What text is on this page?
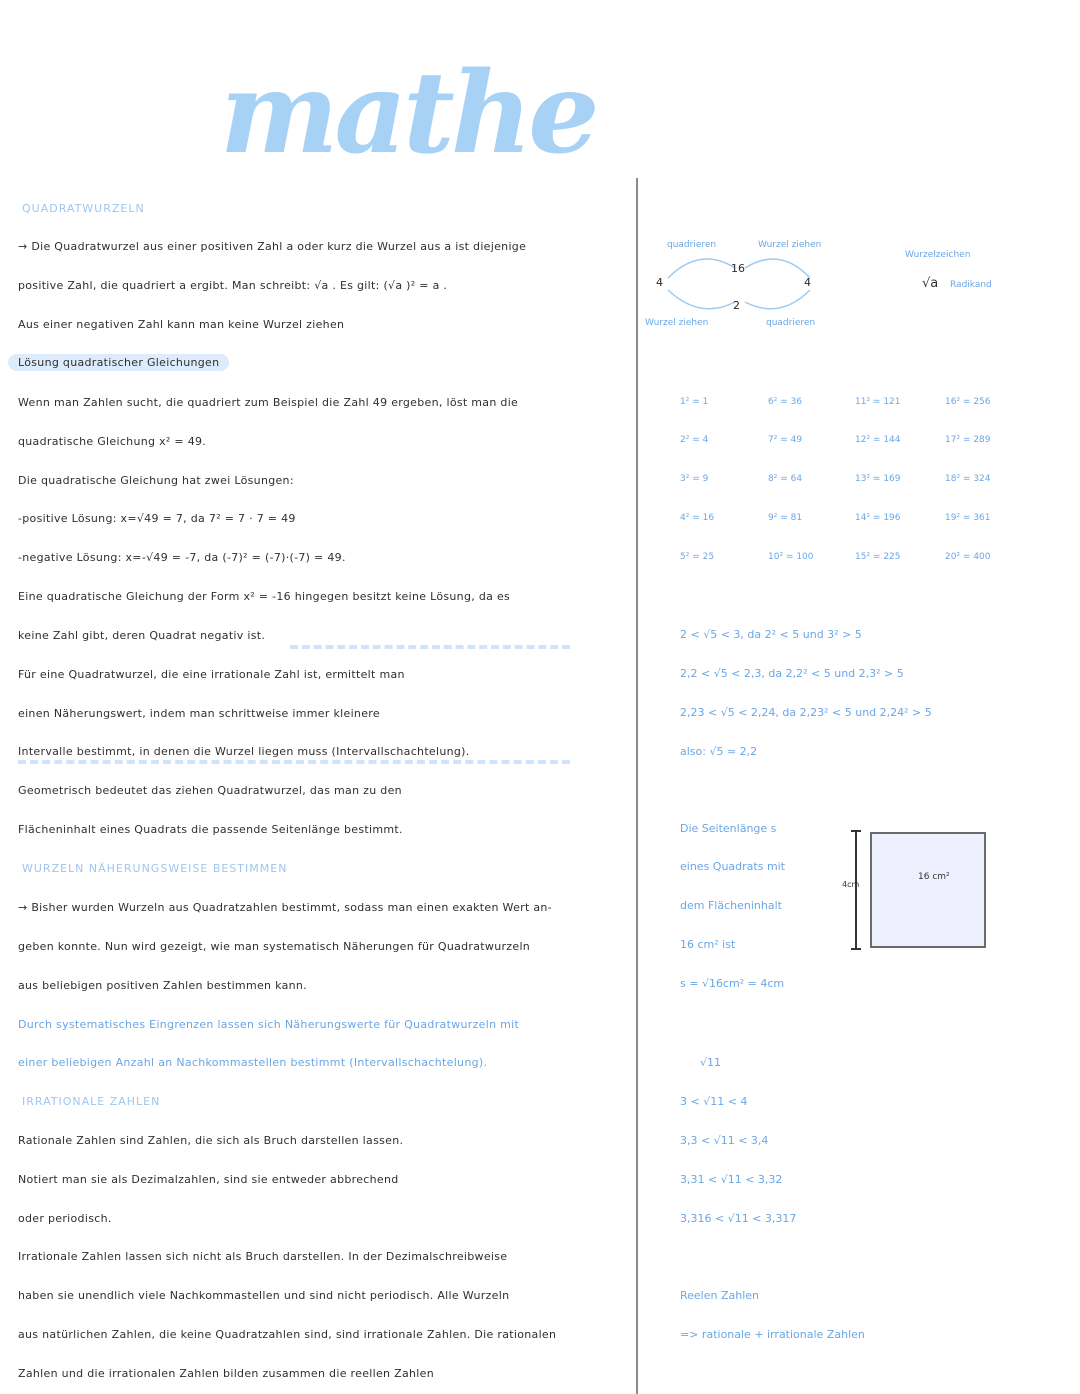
mathe
QUADRATWURZELN
→ Die Quadratwurzel aus einer positiven Zahl a oder kurz die Wurzel aus a ist diejenige
positive Zahl, die quadriert a ergibt. Man schreibt: √a . Es gilt: (√a )² = a .
Aus einer negativen Zahl kann man keine Wurzel ziehen
Lösung quadratischer Gleichungen
Wenn man Zahlen sucht, die quadriert zum Beispiel die Zahl 49 ergeben, löst man die
quadratische Gleichung x² = 49.
Die quadratische Gleichung hat zwei Lösungen:
-positive Lösung: x=√49 = 7, da 7² = 7 · 7 = 49
-negative Lösung: x=-√49 = -7, da (-7)² = (-7)·(-7) = 49.
Eine quadratische Gleichung der Form x² = -16 hingegen besitzt keine Lösung, da es
keine Zahl gibt, deren Quadrat negativ ist.
Für eine Quadratwurzel, die eine irrationale Zahl ist, ermittelt man
einen Näherungswert, indem man schrittweise immer kleinere
Intervalle bestimmt, in denen die Wurzel liegen muss (Intervallschachtelung).
Geometrisch bedeutet das ziehen Quadratwurzel, das man zu den
Flächeninhalt eines Quadrats die passende Seitenlänge bestimmt.
WURZELN NÄHERUNGSWEISE BESTIMMEN
→ Bisher wurden Wurzeln aus Quadratzahlen bestimmt, sodass man einen exakten Wert an-
geben konnte. Nun wird gezeigt, wie man systematisch Näherungen für Quadratwurzeln
aus beliebigen positiven Zahlen bestimmen kann.
Durch systematisches Eingrenzen lassen sich Näherungswerte für Quadratwurzeln mit
einer beliebigen Anzahl an Nachkommastellen bestimmt (Intervallschachtelung).
IRRATIONALE ZAHLEN
Rationale Zahlen sind Zahlen, die sich als Bruch darstellen lassen.
Notiert man sie als Dezimalzahlen, sind sie entweder abbrechend
oder periodisch.
Irrationale Zahlen lassen sich nicht als Bruch darstellen. In der Dezimalschreibweise
haben sie unendlich viele Nachkommastellen und sind nicht periodisch. Alle Wurzeln
aus natürlichen Zahlen, die keine Quadratzahlen sind, sind irrationale Zahlen. Die rationalen
Zahlen und die irrationalen Zahlen bilden zusammen die reellen Zahlen
quadrieren	Wurzel ziehen
4
16
4
2
Wurzel ziehen	quadrieren
Wurzelzeichen
√a Radikand
1² = 1	6² = 36	11² = 121	16² = 256
2² = 4	7² = 49	12² = 144	17² = 289
3² = 9	8² = 64	13² = 169	18² = 324
4² = 16	9² = 81	14² = 196	19² = 361
5² = 25	10² = 100	15² = 225	20² = 400
2 < √5 < 3, da 2² < 5 und 3² > 5
2,2 < √5 < 2,3, da 2,2² < 5 und 2,3² > 5
2,23 < √5 < 2,24, da 2,23² < 5 und 2,24² > 5
also: √5 ≈ 2,2
Die Seitenlänge s
eines Quadrats mit
dem Flächeninhalt
16 cm² ist
s = √16cm² = 4cm
4cm
16 cm²
√11
3 < √11 < 4
3,3 < √11 < 3,4
3,31 < √11 < 3,32
3,316 < √11 < 3,317
Reelen Zahlen
=> rationale + irrationale Zahlen
